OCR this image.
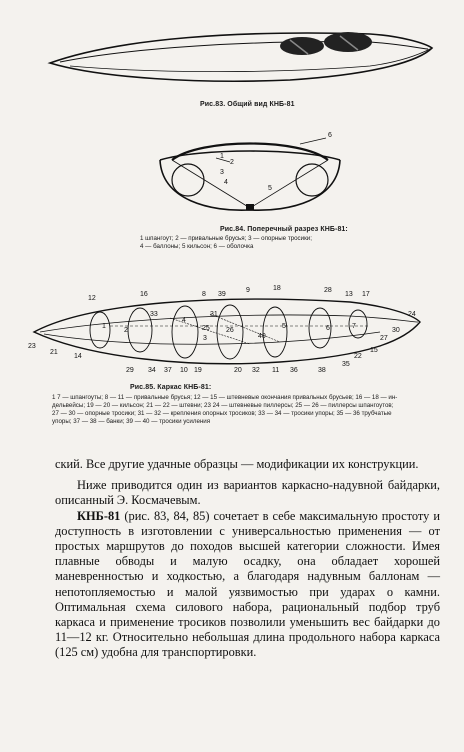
Рис.83. Общий вид КНБ-81
6
2
1
3
4
5
Рис.84. Поперечный разрез КНБ-81:
1 шпангоут; 2 — привальные брусья; 3 — опорные тросики;
4 — баллоны; 5 кильсон; 6 — оболочка
12
16	8 39
9	18	28
13 17
24
33
1
2
4
31
25 26
3	40
5	6	7
23
21
14
29 34 37 10 19	20 32 11 36	38
35
22
15
27
30
Рис.85. Каркас КНБ-81:
1 7 — шпангоуты; 8 — 11 — привальные брусья; 12 — 15 — штевневые окончания привальных брусьев; 16 — 18 — ин-
дельвейсы; 19 — 20 — кильсон; 21 — 22 — штевни; 23 24 — штевневые пиллерсы; 25 — 26 — пиллерсы шпангоутов;
27 — 30 — опорные тросики; 31 — 32 — крепления опорных тросиков; 33 — 34 — тросики упоры; 35 — 36 трубчатые
упоры; 37 — 38 — банки; 39 — 40 — тросики усиления

ский. Все другие удачные образцы — модификации их конструкции.

Ниже приводится один из вариантов каркасно-надувной байдарки, описанный Э. Космачевым.

КНБ-81 (рис. 83, 84, 85) сочетает в себе максимальную простоту и доступность в изготовлении с универсальностью применения — от простых маршрутов до походов высшей категории сложности. Имея плавные обводы и малую осадку, она обладает хорошей маневренностью и ходкостью, а благодаря надувным баллонам — непотопляемостью и малой уязвимостью при ударах о камни. Оптимальная схема силового набора, рациональный подбор труб каркаса и применение тросиков позволили уменьшить вес байдарки до 11—12 кг. Относительно небольшая длина продольного набора каркаса (125 см) удобна для транспортировки.
